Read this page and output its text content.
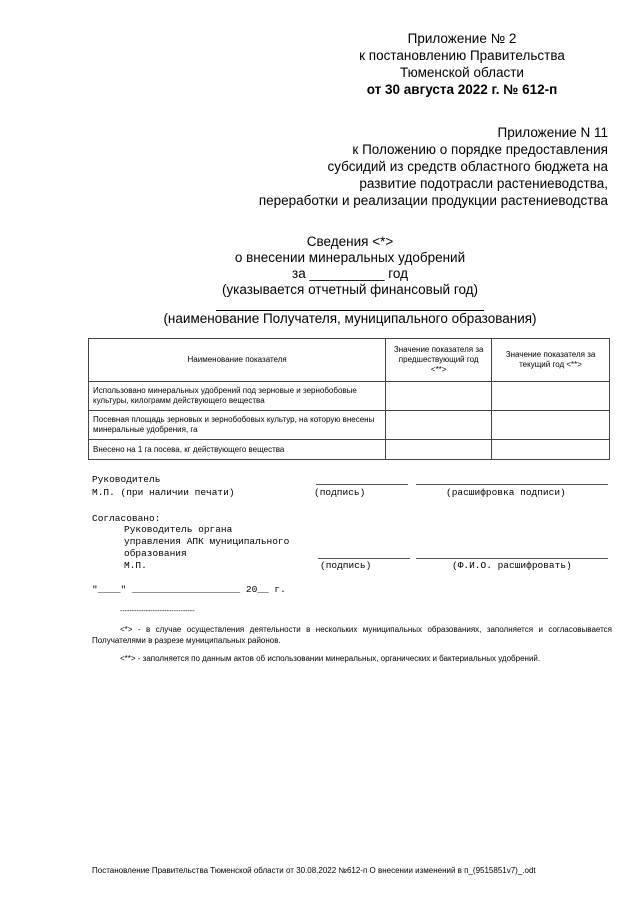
Приложение № 2
к постановлению Правительства
Тюменской области
от 30 августа 2022 г. № 612-п
Приложение N 11
к Положению о порядке предоставления
субсидий из средств областного бюджета на
развитие подотрасли растениеводства,
переработки и реализации продукции растениеводства
Сведения <*>
о внесении минеральных удобрений
за __________ год
(указывается отчетный финансовый год)
(наименование Получателя, муниципального образования)
Наименование показателя	Значение показателя за предшествующий год <**>	Значение показателя за текущий год <**>
Использовано минеральных удобрений под зерновые и зернобобовые культуры, килограмм действующего вещества		
Посевная площадь зерновых и зернобобовых культур, на которую внесены минеральные удобрения, га		
Внесено на 1 га посева, кг действующего вещества		
Руководитель
М.П. (при наличии печати)	(подпись)	(расшифровка подписи)
Согласовано:
Руководитель органа
управления АПК муниципального
образования
М.П.	(подпись)	(Ф.И.О. расшифровать)
"____" ___________________ 20__ г.
--------------------------------
<*> - в случае осуществления деятельности в нескольких муниципальных образованиях, заполняется и согласовывается Получателями в разрезе муниципальных районов.
<**> - заполняется по данным актов об использовании минеральных, органических и бактериальных удобрений.
Постановление Правительства Тюменской области от 30.08.2022 №612-п О внесении изменений в п_(9515851v7)_.odt
